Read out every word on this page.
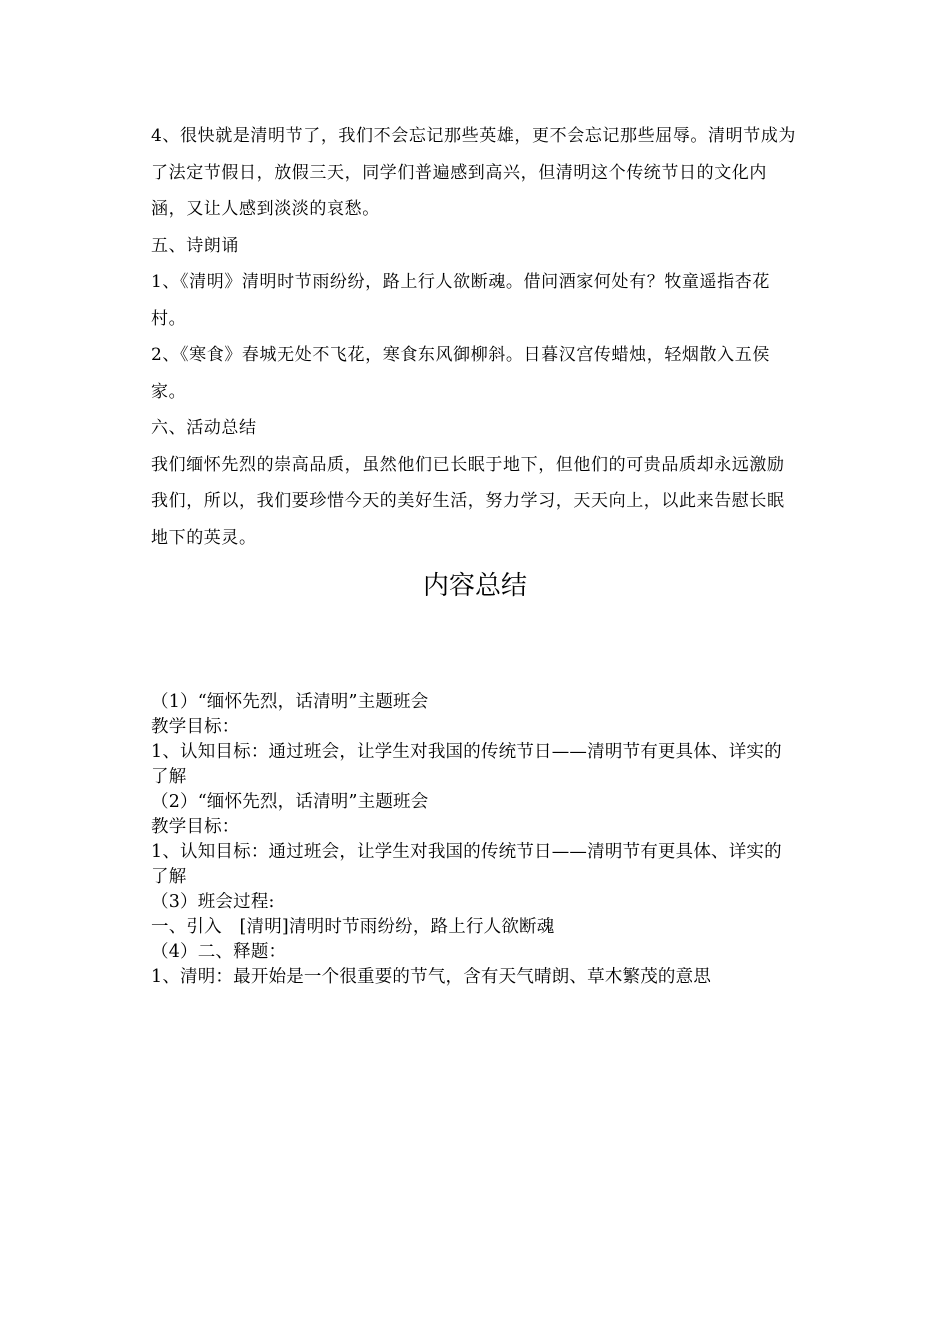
4、很快就是清明节了，我们不会忘记那些英雄，更不会忘记那些屈辱。清明节成为了法定节假日，放假三天，同学们普遍感到高兴，但清明这个传统节日的文化内涵，又让人感到淡淡的哀愁。

五、诗朗诵

1、《清明》清明时节雨纷纷，路上行人欲断魂。借问酒家何处有？牧童遥指杏花村。

2、《寒食》春城无处不飞花，寒食东风御柳斜。日暮汉宫传蜡烛，轻烟散入五侯家。

六、活动总结

我们缅怀先烈的崇高品质，虽然他们已长眠于地下，但他们的可贵品质却永远激励我们，所以，我们要珍惜今天的美好生活，努力学习，天天向上，以此来告慰长眠地下的英灵。

内容总结

（1）“缅怀先烈，话清明”主题班会

教学目标：

1、认知目标：通过班会，让学生对我国的传统节日——清明节有更具体、详实的了解

（2）“缅怀先烈，话清明”主题班会

教学目标：

1、认知目标：通过班会，让学生对我国的传统节日——清明节有更具体、详实的了解

（3）班会过程:

一、引入　[清明]清明时节雨纷纷，路上行人欲断魂

（4）二、释题：

1、清明：最开始是一个很重要的节气，含有天气晴朗、草木繁茂的意思
